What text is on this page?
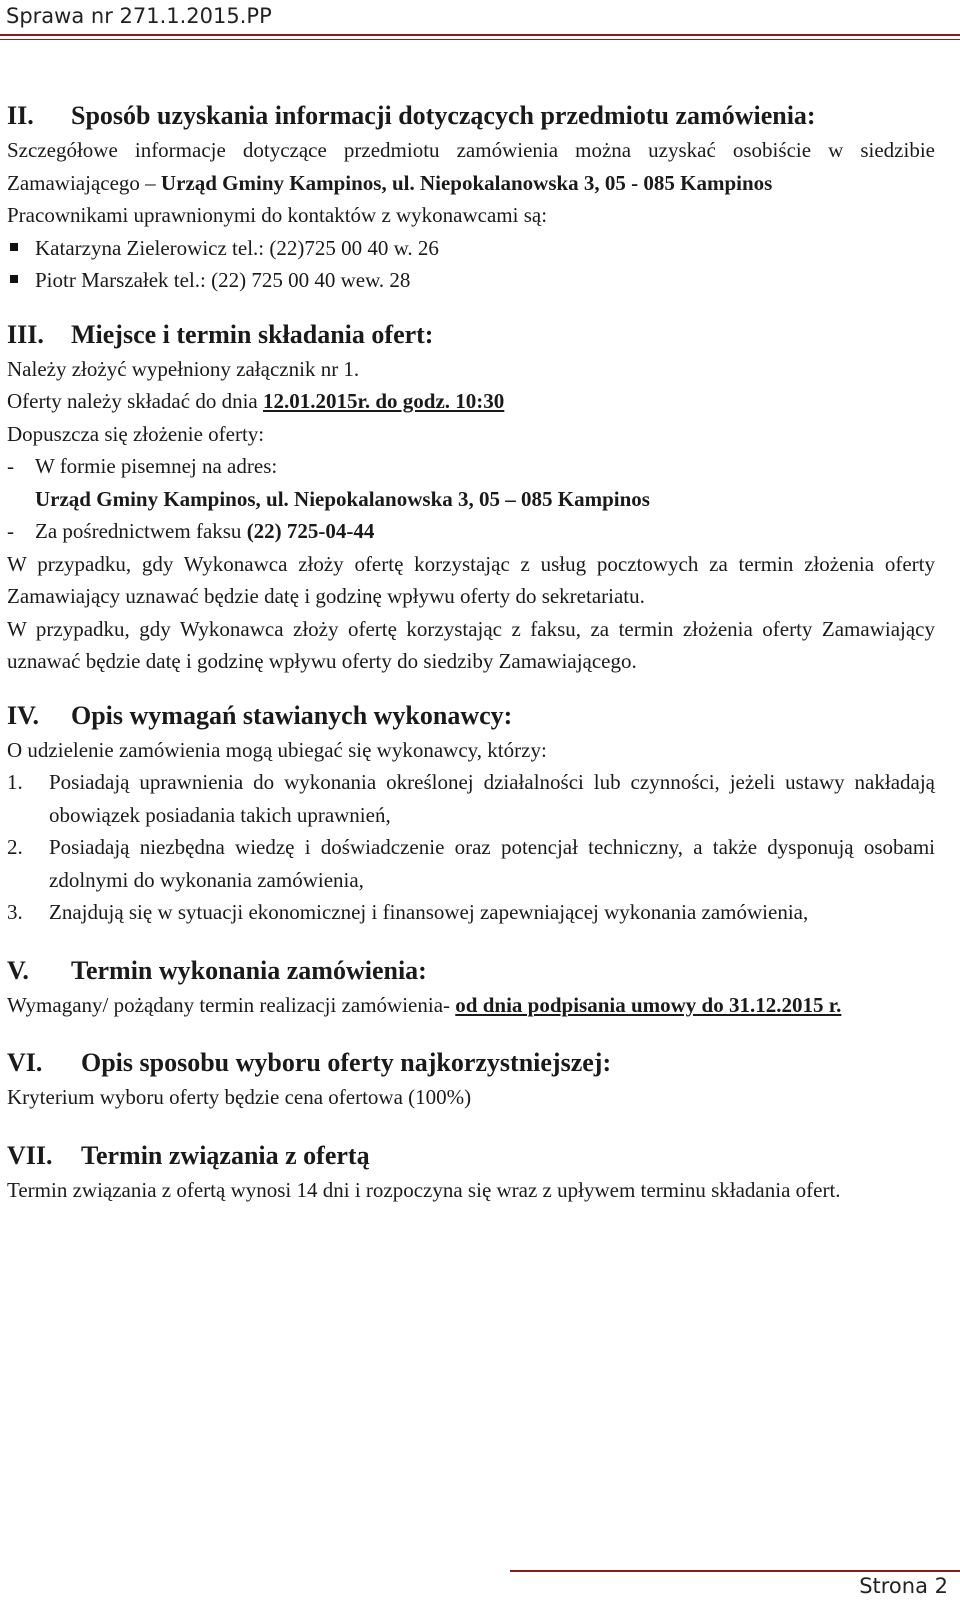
Sprawa nr 271.1.2015.PP

II. Sposób uzyskania informacji dotyczących przedmiotu zamówienia:

Szczegółowe informacje dotyczące przedmiotu zamówienia można uzyskać osobiście w siedzibie Zamawiającego – Urząd Gminy Kampinos, ul. Niepokalanowska 3, 05 - 085 Kampinos

Pracownikami uprawnionymi do kontaktów z wykonawcami są:

Katarzyna Zielerowicz tel.: (22)725 00 40 w. 26

Piotr Marszałek tel.: (22) 725 00 40 wew. 28

III. Miejsce i termin składania ofert:

Należy złożyć wypełniony załącznik nr 1.

Oferty należy składać do dnia 12.01.2015r. do godz. 10:30

Dopuszcza się złożenie oferty:

- W formie pisemnej na adres:

Urząd Gminy Kampinos, ul. Niepokalanowska 3, 05 – 085 Kampinos

- Za pośrednictwem faksu (22) 725-04-44

W przypadku, gdy Wykonawca złoży ofertę korzystając z usług pocztowych za termin złożenia oferty Zamawiający uznawać będzie datę i godzinę wpływu oferty do sekretariatu.

W przypadku, gdy Wykonawca złoży ofertę korzystając z faksu, za termin złożenia oferty Zamawiający uznawać będzie datę i godzinę wpływu oferty do siedziby Zamawiającego.

IV. Opis wymagań stawianych wykonawcy:

O udzielenie zamówienia mogą ubiegać się wykonawcy, którzy:

1. Posiadają uprawnienia do wykonania określonej działalności lub czynności, jeżeli ustawy nakładają obowiązek posiadania takich uprawnień,

2. Posiadają niezbędna wiedzę i doświadczenie oraz potencjał techniczny, a także dysponują osobami zdolnymi do wykonania zamówienia,

3. Znajdują się w sytuacji ekonomicznej i finansowej zapewniającej wykonania zamówienia,

V. Termin wykonania zamówienia:

Wymagany/ pożądany termin realizacji zamówienia- od dnia podpisania umowy do 31.12.2015 r.

VI. Opis sposobu wyboru oferty najkorzystniejszej:

Kryterium wyboru oferty będzie cena ofertowa (100%)

VII. Termin związania z ofertą

Termin związania z ofertą wynosi 14 dni i rozpoczyna się wraz z upływem terminu składania ofert.

Strona 2
